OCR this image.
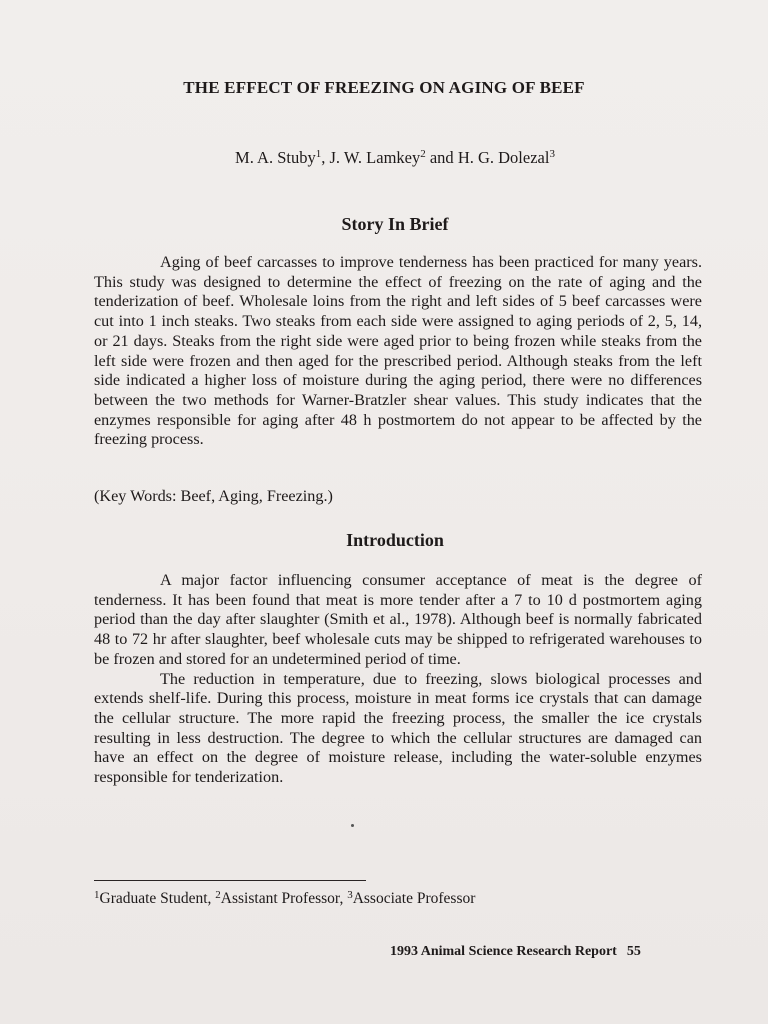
THE EFFECT OF FREEZING ON AGING OF BEEF
M. A. Stuby$^1$, J. W. Lamkey$^2$ and H. G. Dolezal$^3$
Story In Brief

Aging of beef carcasses to improve tenderness has been practiced for many years. This study was designed to determine the effect of freezing on the rate of aging and the tenderization of beef. Wholesale loins from the right and left sides of 5 beef carcasses were cut into 1 inch steaks. Two steaks from each side were assigned to aging periods of 2, 5, 14, or 21 days. Steaks from the right side were aged prior to being frozen while steaks from the left side were frozen and then aged for the prescribed period. Although steaks from the left side indicated a higher loss of moisture during the aging period, there were no differences between the two methods for Warner-Bratzler shear values. This study indicates that the enzymes responsible for aging after 48 h postmortem do not appear to be affected by the freezing process.

(Key Words: Beef, Aging, Freezing.)
Introduction

A major factor influencing consumer acceptance of meat is the degree of tenderness. It has been found that meat is more tender after a 7 to 10 d postmortem aging period than the day after slaughter (Smith et al., 1978). Although beef is normally fabricated 48 to 72 hr after slaughter, beef wholesale cuts may be shipped to refrigerated warehouses to be frozen and stored for an undetermined period of time.

The reduction in temperature, due to freezing, slows biological processes and extends shelf-life. During this process, moisture in meat forms ice crystals that can damage the cellular structure. The more rapid the freezing process, the smaller the ice crystals resulting in less destruction. The degree to which the cellular structures are damaged can have an effect on the degree of moisture release, including the water-soluble enzymes responsible for tenderization.

$^1$Graduate Student, $^2$Assistant Professor, $^3$Associate Professor
1993 Animal Science Research Report 55
